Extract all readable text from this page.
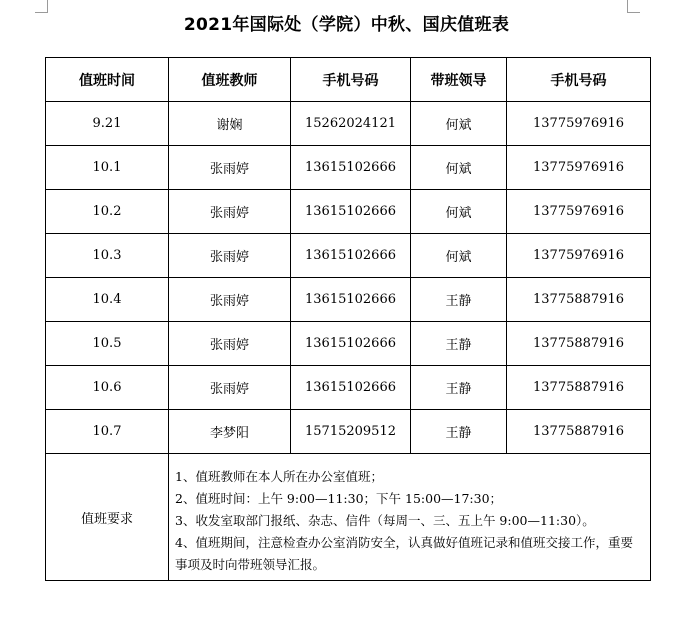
2021年国际处（学院）中秋、国庆值班表
值班时间	值班教师	手机号码	带班领导	手机号码
9.21	谢娴	15262024121	何斌	13775976916
10.1	张雨婷	13615102666	何斌	13775976916
10.2	张雨婷	13615102666	何斌	13775976916
10.3	张雨婷	13615102666	何斌	13775976916
10.4	张雨婷	13615102666	王静	13775887916
10.5	张雨婷	13615102666	王静	13775887916
10.6	张雨婷	13615102666	王静	13775887916
10.7	李梦阳	15715209512	王静	13775887916
值班要求	1、值班教师在本人所在办公室值班；
2、值班时间：上午 9:00—11:30；下午 15:00—17:30；
3、收发室取部门报纸、杂志、信件（每周一、三、五上午 9:00—11:30）。
4、值班期间，注意检查办公室消防安全，认真做好值班记录和值班交接工作，重要事项及时向带班领导汇报。			
